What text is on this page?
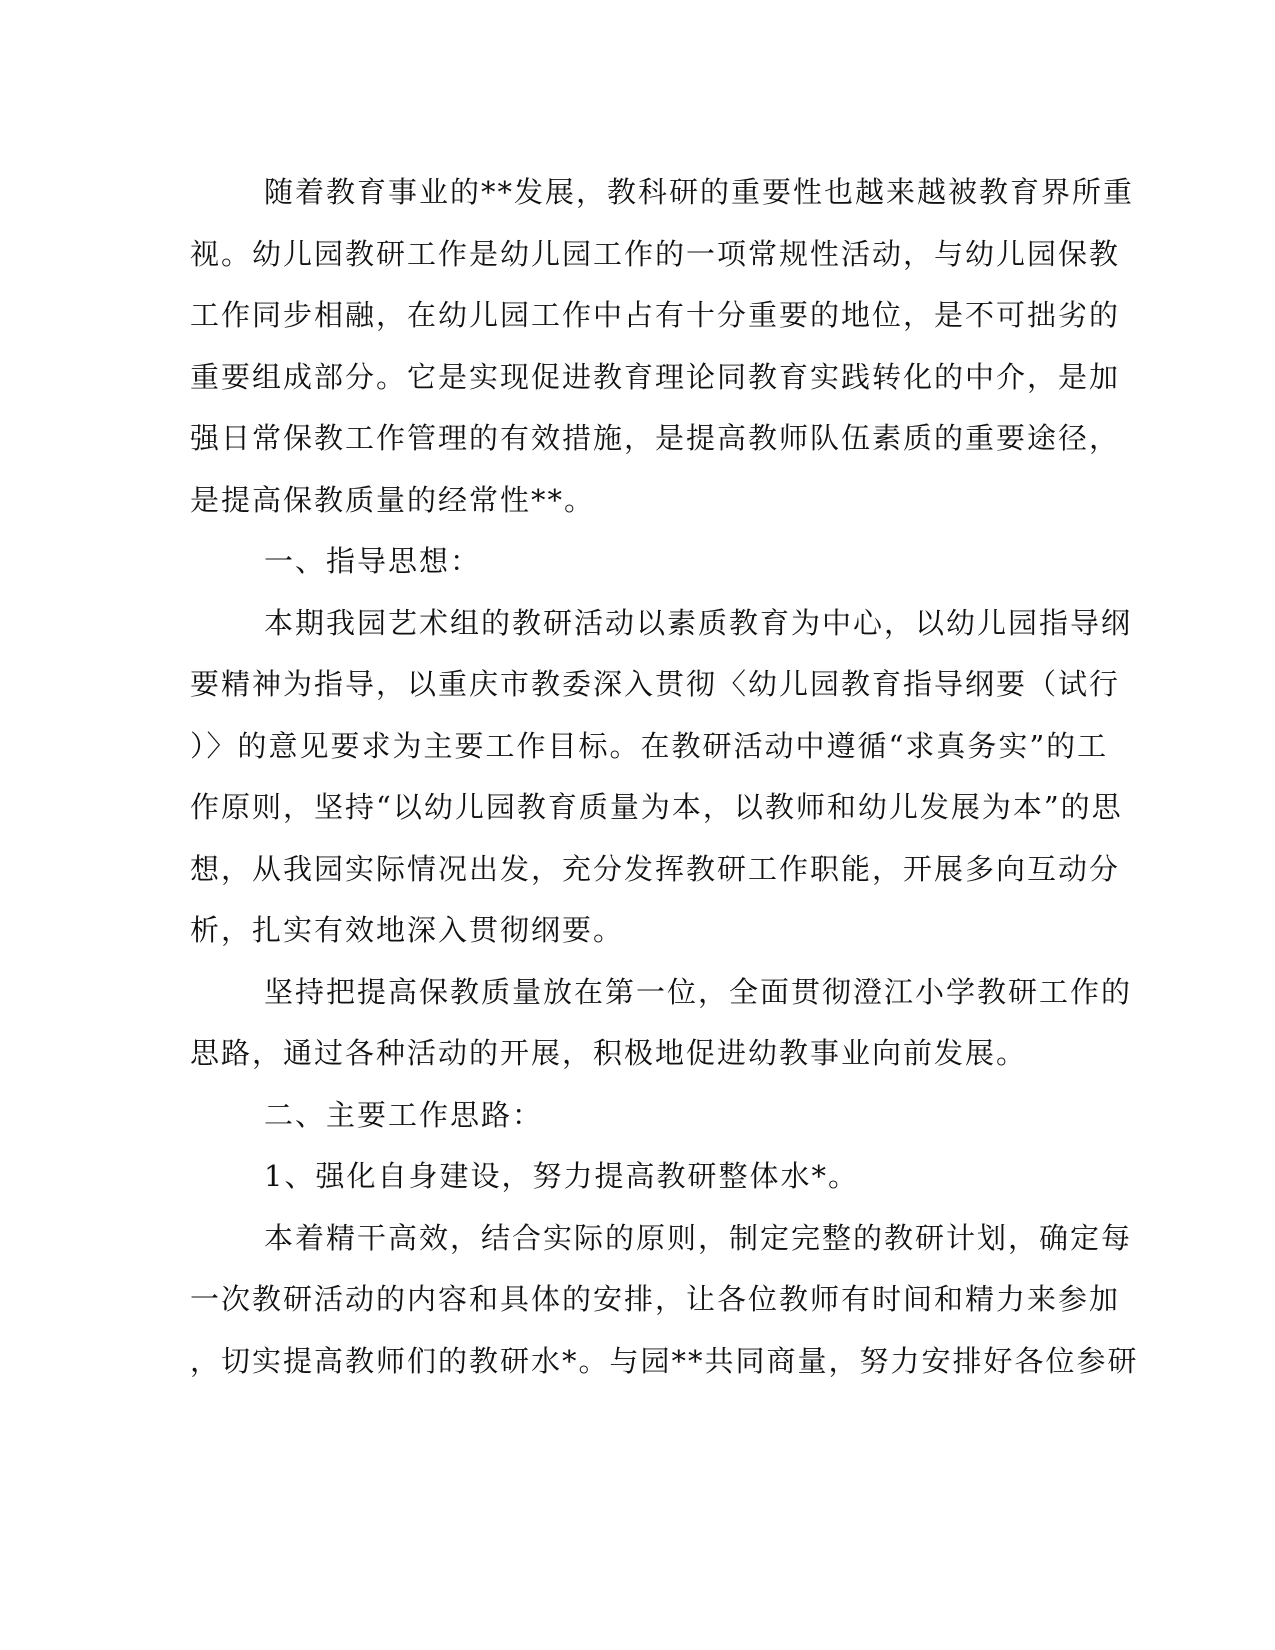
随着教育事业的**发展，教科研的重要性也越来越被教育界所重
视。幼儿园教研工作是幼儿园工作的一项常规性活动，与幼儿园保教
工作同步相融，在幼儿园工作中占有十分重要的地位，是不可拙劣的
重要组成部分。它是实现促进教育理论同教育实践转化的中介，是加
强日常保教工作管理的有效措施，是提高教师队伍素质的重要途径，
是提高保教质量的经常性**。
一、指导思想：
本期我园艺术组的教研活动以素质教育为中心，以幼儿园指导纲
要精神为指导，以重庆市教委深入贯彻〈幼儿园教育指导纲要（试行
）〉的意见要求为主要工作目标。在教研活动中遵循“求真务实”的工
作原则，坚持“以幼儿园教育质量为本，以教师和幼儿发展为本”的思
想，从我园实际情况出发，充分发挥教研工作职能，开展多向互动分
析，扎实有效地深入贯彻纲要。
坚持把提高保教质量放在第一位，全面贯彻澄江小学教研工作的
思路，通过各种活动的开展，积极地促进幼教事业向前发展。
二、主要工作思路：
1、强化自身建设，努力提高教研整体水*。
本着精干高效，结合实际的原则，制定完整的教研计划，确定每
一次教研活动的内容和具体的安排，让各位教师有时间和精力来参加
，切实提高教师们的教研水*。与园**共同商量，努力安排好各位参研
